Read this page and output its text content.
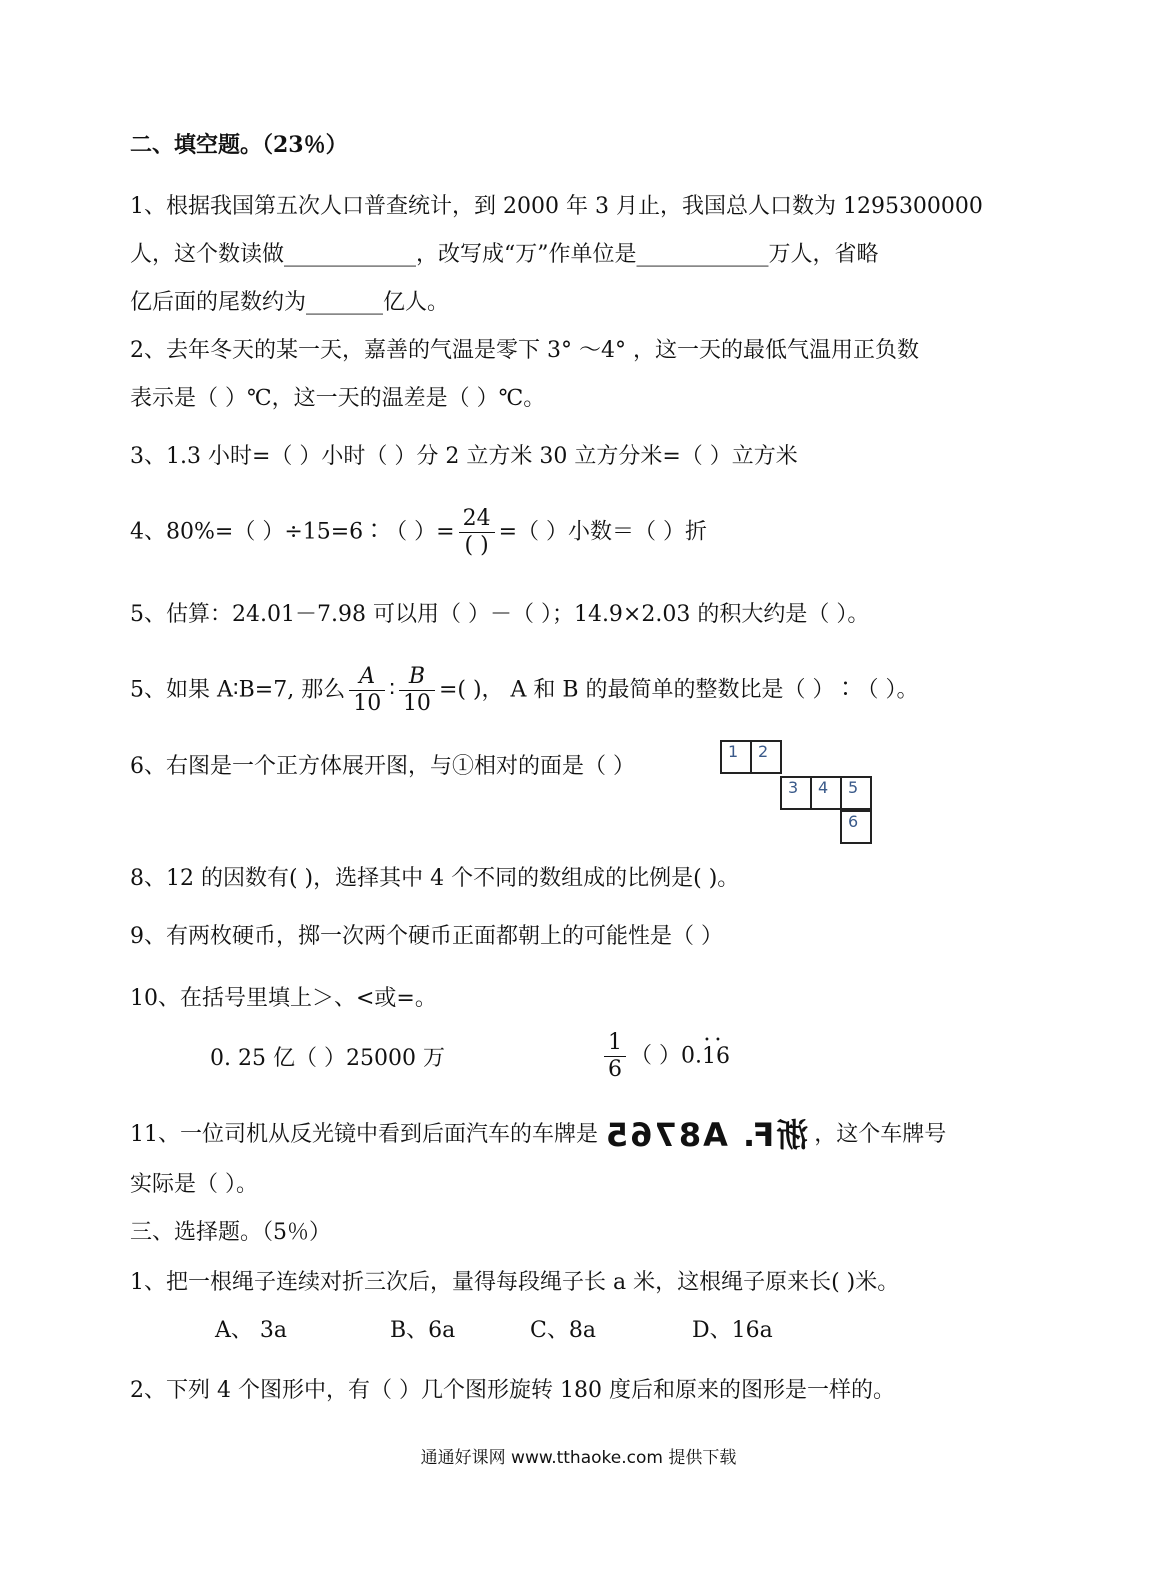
二、填空题。（23％）
1、根据我国第五次人口普查统计，到 2000 年 3 月止，我国总人口数为 1295300000
人，这个数读做____________，改写成“万”作单位是____________万人，省略
亿后面的尾数约为_______亿人。
2、去年冬天的某一天，嘉善的气温是零下 3° ～4° ，这一天的最低气温用正负数
表示是（ ）℃，这一天的温差是（ ）℃。
3、1.3 小时=（ ）小时（ ）分 2 立方米 30 立方分米=（ ）立方米
4、80%=（ ）÷15=6∶（ ）= $\frac{24}{( )}$ =（ ）小数＝（ ）折
5、估算：24.01－7.98 可以用（ ）－（ ）；14.9×2.03 的积大约是（ ）。
5、如果 A∶B=7, 那么 $\frac{A}{10}$ ∶ $\frac{B}{10}$ =( )， A 和 B 的最简单的整数比是（ ）∶（ ）。
6、右图是一个正方体展开图，与①相对的面是（ ）
1 2
3 4 5
6
8、12 的因数有( )，选择其中 4 个不同的数组成的比例是( )。
9、有两枚硬币，掷一次两个硬币正面都朝上的可能性是（ ）
10、在括号里填上＞、<或=。
0. 25 亿（ ）25000 万	$\frac{1}{6}$ （ ）0.• • 16
11、一位司机从反光镜中看到后面汽车的车牌是 浙F. A8765 ，这个车牌号
实际是（ ）。
三、选择题。（5％）
1、把一根绳子连续对折三次后，量得每段绳子长 a 米，这根绳子原来长( )米。
A、 3a	B、6a	C、8a	D、16a
2、下列 4 个图形中，有（ ）几个图形旋转 180 度后和原来的图形是一样的。
通通好课网 www.tthaoke.com 提供下载
